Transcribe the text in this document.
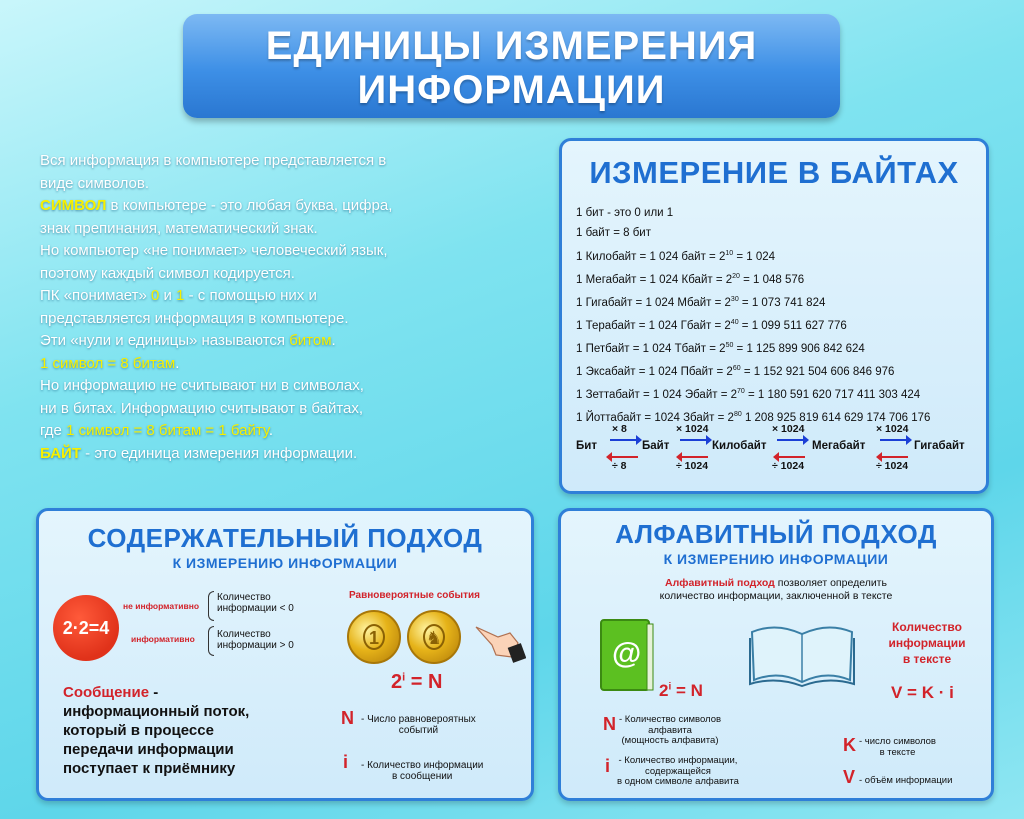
ЕДИНИЦЫ ИЗМЕРЕНИЯ
ИНФОРМАЦИИ
Вся информация в компьютере представляется в
виде символов.
СИМВОЛ в компьютере - это любая буква, цифра,
знак препинания, математический знак.
Но компьютер «не понимает» человеческий язык,
поэтому каждый символ кодируется.
ПК «понимает» 0 и 1 - с помощью них и
представляется информация в компьютере.
Эти «нули и единицы» называются битом.
1 символ = 8 битам.
Но информацию не считывают ни в символах,
ни в битах. Информацию считывают в байтах,
где 1 символ = 8 битам = 1 байту.
БАЙТ - это единица измерения информации.
ИЗМЕРЕНИЕ В БАЙТАХ
1 бит - это 0 или 1
1 байт = 8 бит
1 Килобайт = 1 024 байт = $2^{10} = 1$ 024
1 Мегабайт = 1 024 Кбайт = $2^{20} = 1$ 048 576
1 Гигабайт = 1 024 Мбайт = $2^{30} = 1$ 073 741 824
1 Терабайт = 1 024 Гбайт = $2^{40} = 1$ 099 511 627 776
1 Петбайт = 1 024 Тбайт = $2^{50} = 1$ 125 899 906 842 624
1 Эксабайт = 1 024 Пбайт = $2^{60} = 1$ 152 921 504 606 846 976
1 Зеттабайт = 1 024 Эбайт = $2^{70} = 1$ 180 591 620 717 411 303 424
1 Йоттабайт = 1024 Збайт = $2^{80}$ 1 208 925 819 614 629 174 706 176
Бит	Байт	Килобайт	Мегабайт	Гигабайт
× 8
÷ 8
× 1024
÷ 1024
× 1024
÷ 1024
× 1024
÷ 1024
СОДЕРЖАТЕЛЬНЫЙ ПОДХОД
К ИЗМЕРЕНИЮ ИНФОРМАЦИИ
2·2=4
не информативно
информативно
Количество
информации < 0
Количество
информации > 0
Равновероятные события
1	♞
$2^i = N$
Сообщение -
информационный поток,
который в процессе
передачи информации
поступает к приёмнику
N - Число равновероятных
событий
i - Количество информации
в сообщении
АЛФАВИТНЫЙ ПОДХОД
К ИЗМЕРЕНИЮ ИНФОРМАЦИИ
Алфавитный подход позволяет определить
количество информации, заключенной в тексте
@
Количество
информации
в тексте
$2^i = N$	V = K · i
N - Количество символов
алфавита
(мощность алфавита)
i - Количество информации,
содержащейся
в одном символе алфавита
K - число символов
в тексте
V - объём информации
